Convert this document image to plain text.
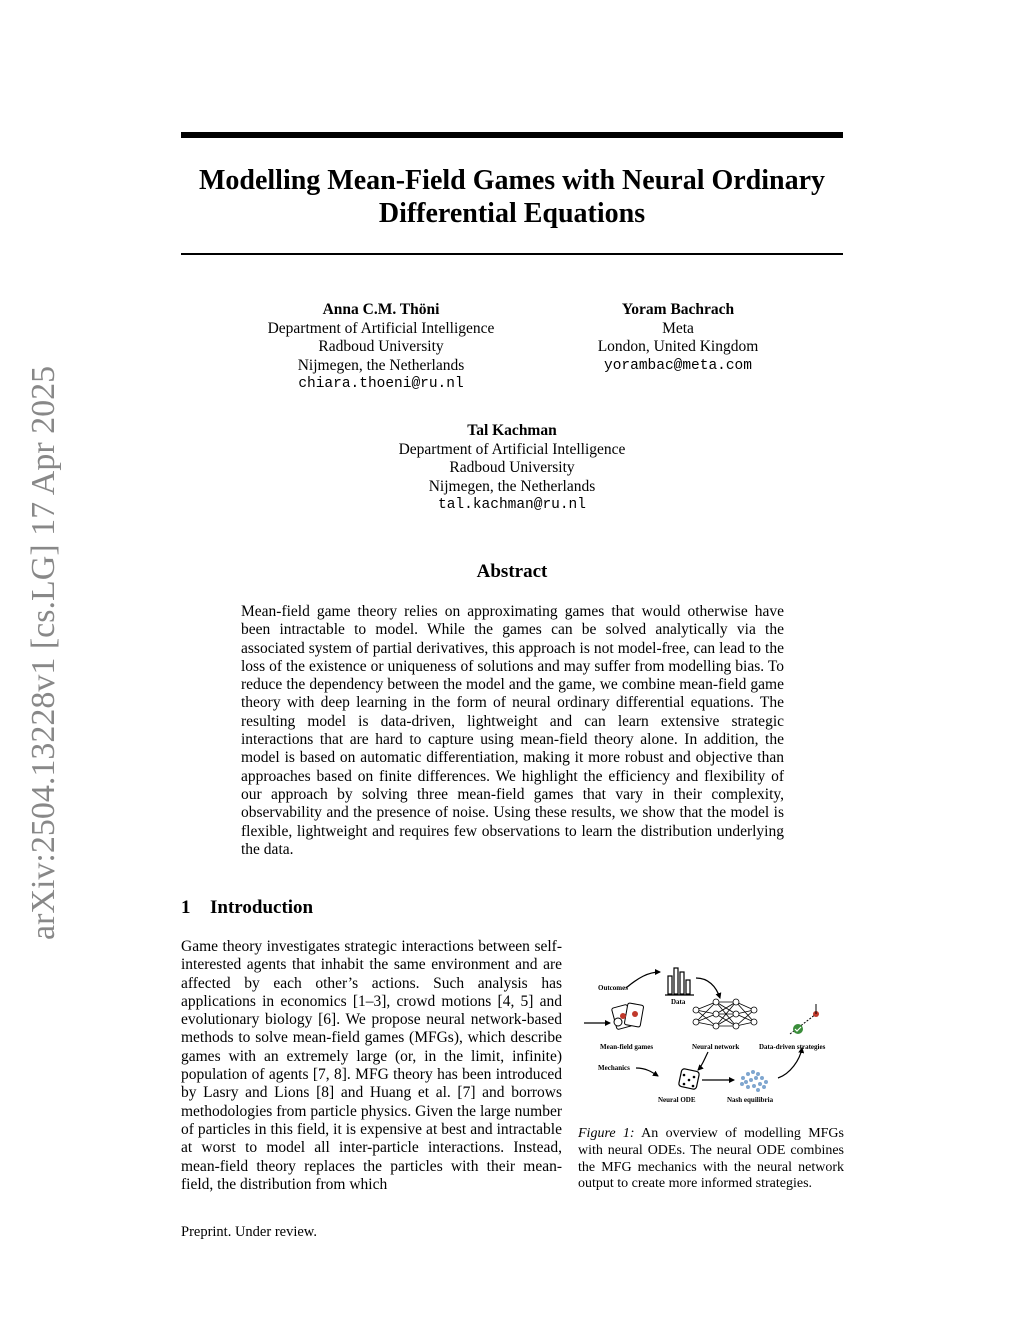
Modelling Mean-Field Games with Neural Ordinary Differential Equations
arXiv:2504.13228v1 [cs.LG] 17 Apr 2025
Anna C.M. Thöni
Department of Artificial Intelligence
Radboud University
Nijmegen, the Netherlands
chiara.thoeni@ru.nl
Yoram Bachrach
Meta
London, United Kingdom
yorambac@meta.com
Tal Kachman
Department of Artificial Intelligence
Radboud University
Nijmegen, the Netherlands
tal.kachman@ru.nl
Abstract
Mean-field game theory relies on approximating games that would otherwise have been intractable to model. While the games can be solved analytically via the associated system of partial derivatives, this approach is not model-free, can lead to the loss of the existence or uniqueness of solutions and may suffer from modelling bias. To reduce the dependency between the model and the game, we combine mean-field game theory with deep learning in the form of neural ordinary differential equations. The resulting model is data-driven, lightweight and can learn extensive strategic interactions that are hard to capture using mean-field theory alone. In addition, the model is based on automatic differentiation, making it more robust and objective than approaches based on finite differences. We highlight the efficiency and flexibility of our approach by solving three mean-field games that vary in their complexity, observability and the presence of noise. Using these results, we show that the model is flexible, lightweight and requires few observations to learn the distribution underlying the data.
1 Introduction
Game theory investigates strategic interactions between self-interested agents that inhabit the same environment and are affected by each other’s actions. Such analysis has applications in economics [1–3], crowd motions [4, 5] and evolutionary biology [6]. We propose neural network-based methods to solve mean-field games (MFGs), which describe games with an extremely large (or, in the limit, infinite) population of agents [7, 8]. MFG theory has been introduced by Lasry and Lions [8] and Huang et al. [7] and borrows methodologies from particle physics. Given the large number of particles in this field, it is expensive at best and intractable at worst to model all inter-particle interactions. Instead, mean-field theory replaces the particles with their mean-field, the distribution from which
Outcomes
Data
Mean-field games	Neural network	Data-driven strategies
Mechanics
Neural ODE	Nash equilibria
Figure 1: An overview of modelling MFGs with neural ODEs. The neural ODE combines the MFG mechanics with the neural network output to create more informed strategies.
Preprint. Under review.
